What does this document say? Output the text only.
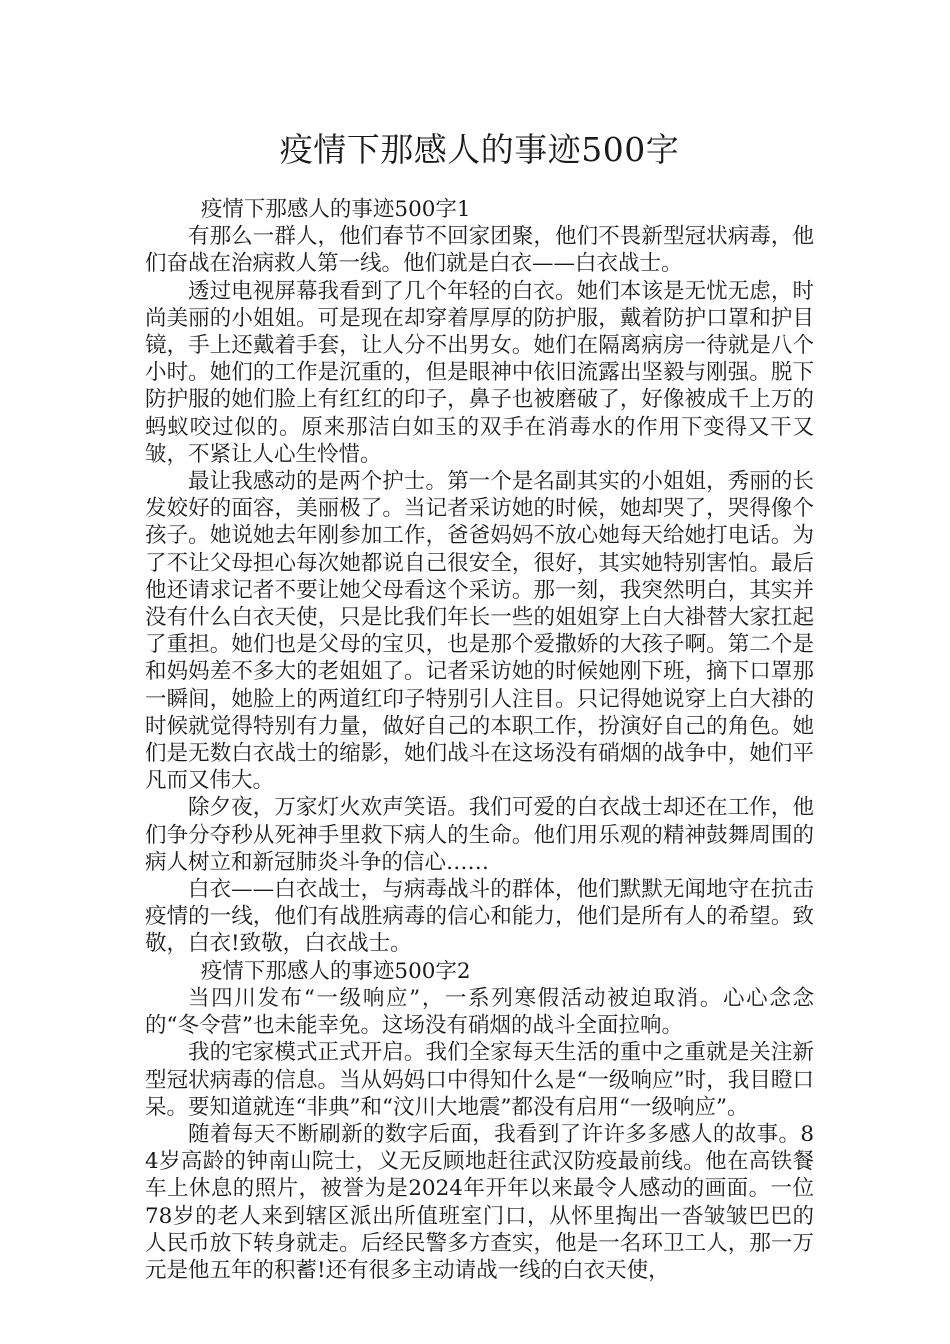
疫情下那感人的事迹500字

疫情下那感人的事迹500字1

有那么一群人，他们春节不回家团聚，他们不畏新型冠状病毒，他们奋战在治病救人第一线。他们就是白衣——白衣战士。

透过电视屏幕我看到了几个年轻的白衣。她们本该是无忧无虑，时尚美丽的小姐姐。可是现在却穿着厚厚的防护服，戴着防护口罩和护目镜，手上还戴着手套，让人分不出男女。她们在隔离病房一待就是八个小时。她们的工作是沉重的，但是眼神中依旧流露出坚毅与刚强。脱下防护服的她们脸上有红红的印子，鼻子也被磨破了，好像被成千上万的蚂蚁咬过似的。原来那洁白如玉的双手在消毒水的作用下变得又干又皱，不紧让人心生怜惜。

最让我感动的是两个护士。第一个是名副其实的小姐姐，秀丽的长发姣好的面容，美丽极了。当记者采访她的时候，她却哭了，哭得像个孩子。她说她去年刚参加工作，爸爸妈妈不放心她每天给她打电话。为了不让父母担心每次她都说自己很安全，很好，其实她特别害怕。最后他还请求记者不要让她父母看这个采访。那一刻，我突然明白，其实并没有什么白衣天使，只是比我们年长一些的姐姐穿上白大褂替大家扛起了重担。她们也是父母的宝贝，也是那个爱撒娇的大孩子啊。第二个是和妈妈差不多大的老姐姐了。记者采访她的时候她刚下班，摘下口罩那一瞬间，她脸上的两道红印子特别引人注目。只记得她说穿上白大褂的时候就觉得特别有力量，做好自己的本职工作，扮演好自己的角色。她们是无数白衣战士的缩影，她们战斗在这场没有硝烟的战争中，她们平凡而又伟大。

除夕夜，万家灯火欢声笑语。我们可爱的白衣战士却还在工作，他们争分夺秒从死神手里救下病人的生命。他们用乐观的精神鼓舞周围的病人树立和新冠肺炎斗争的信心……

白衣——白衣战士，与病毒战斗的群体，他们默默无闻地守在抗击疫情的一线，他们有战胜病毒的信心和能力，他们是所有人的希望。致敬，白衣!致敬，白衣战士。

疫情下那感人的事迹500字2

当四川发布“一级响应”，一系列寒假活动被迫取消。心心念念的“冬令营”也未能幸免。这场没有硝烟的战斗全面拉响。

我的宅家模式正式开启。我们全家每天生活的重中之重就是关注新型冠状病毒的信息。当从妈妈口中得知什么是“一级响应”时，我目瞪口呆。要知道就连“非典”和“汶川大地震”都没有启用“一级响应”。

随着每天不断刷新的数字后面，我看到了许许多多感人的故事。84岁高龄的钟南山院士，义无反顾地赶往武汉防疫最前线。他在高铁餐车上休息的照片，被誉为是2024年开年以来最令人感动的画面。一位78岁的老人来到辖区派出所值班室门口，从怀里掏出一沓皱皱巴巴的人民币放下转身就走。后经民警多方查实，他是一名环卫工人，那一万元是他五年的积蓄!还有很多主动请战一线的白衣天使，
